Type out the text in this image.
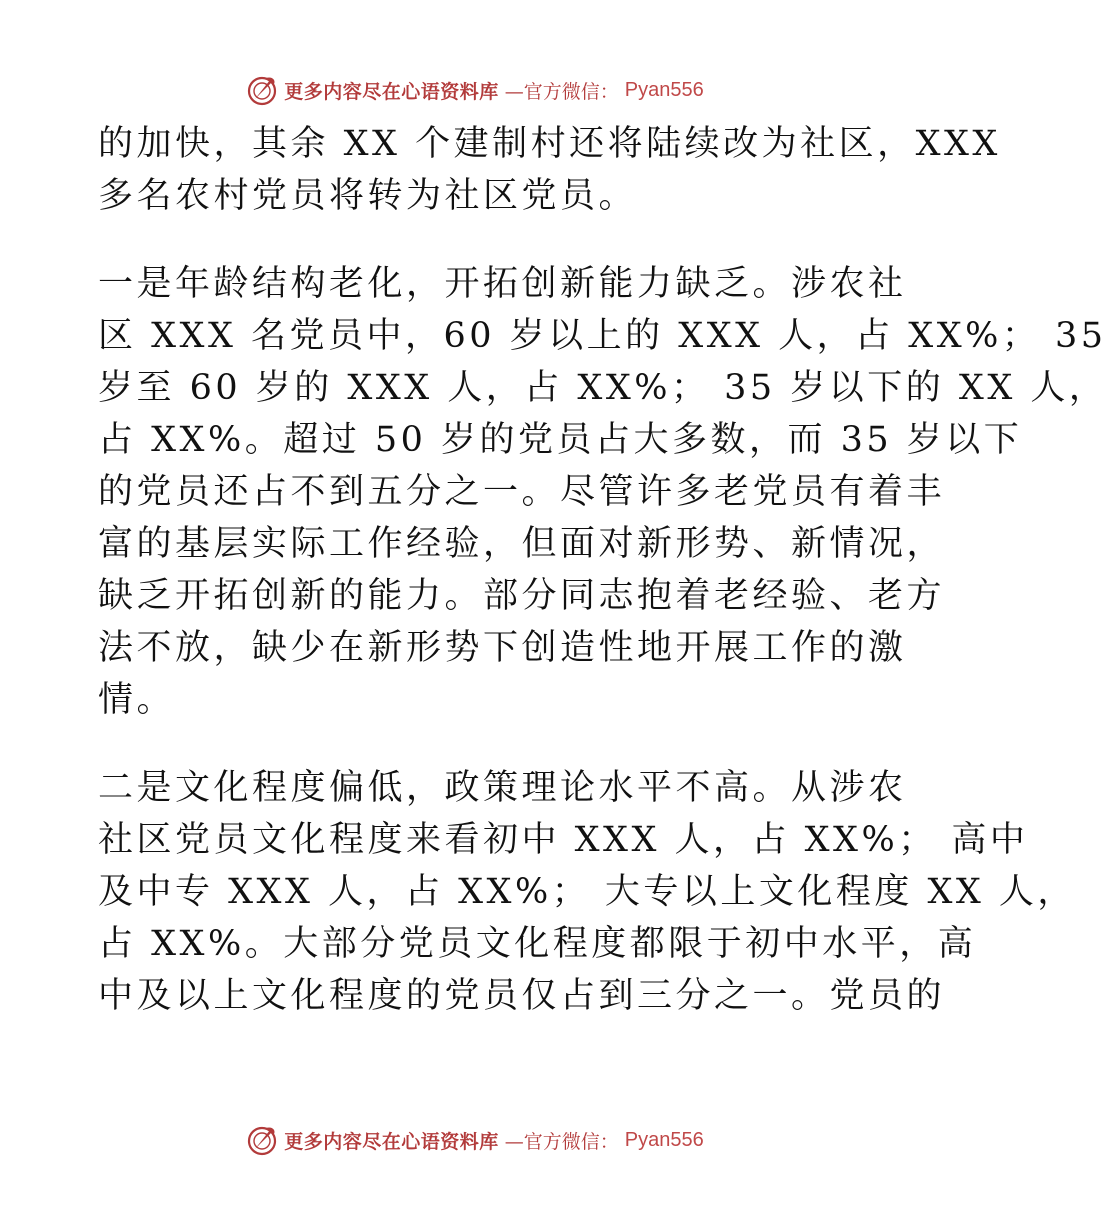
更多内容尽在心语资料库 —官方微信： Pyan556
的加快，其余 XX 个建制村还将陆续改为社区，XXX
多名农村党员将转为社区党员。
一是年龄结构老化，开拓创新能力缺乏。涉农社
区 XXX 名党员中，60 岁以上的 XXX 人，占 XX%； 35
岁至 60 岁的 XXX 人，占 XX%； 35 岁以下的 XX 人，
占 XX%。超过 50 岁的党员占大多数，而 35 岁以下
的党员还占不到五分之一。尽管许多老党员有着丰
富的基层实际工作经验，但面对新形势、新情况，
缺乏开拓创新的能力。部分同志抱着老经验、老方
法不放，缺少在新形势下创造性地开展工作的激
情。
二是文化程度偏低，政策理论水平不高。从涉农
社区党员文化程度来看初中 XXX 人，占 XX%； 高中
及中专 XXX 人，占 XX%； 大专以上文化程度 XX 人，
占 XX%。大部分党员文化程度都限于初中水平，高
中及以上文化程度的党员仅占到三分之一。党员的
更多内容尽在心语资料库 —官方微信： Pyan556
